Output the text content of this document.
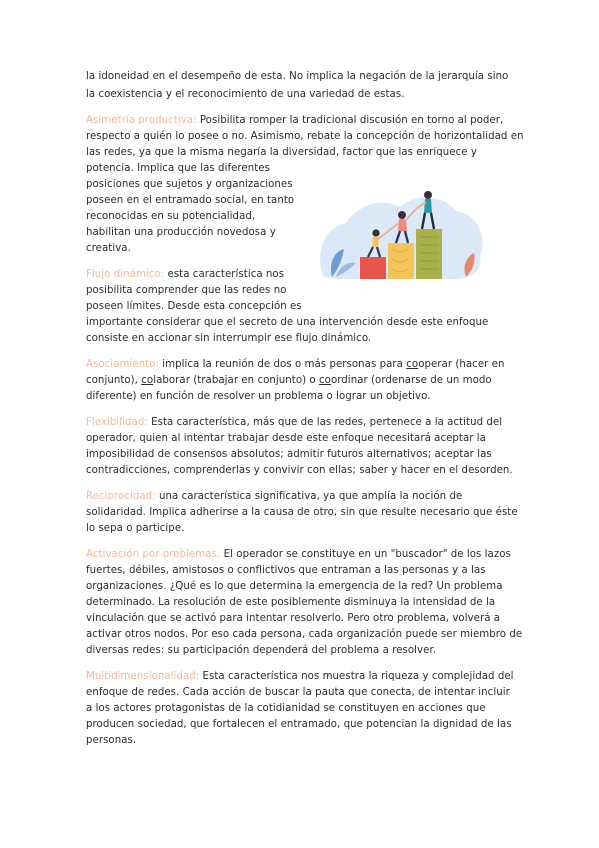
la idoneidad en el desempeño de esta. No implica la negación de la jerarquía sino

la coexistencia y el reconocimiento de una variedad de estas.

Asimetría productiva: Posibilita romper la tradicional discusión en torno al poder,

respecto a quién lo posee o no. Asimismo, rebate la concepción de horizontalidad en

las redes, ya que la misma negaría la diversidad, factor que las enriquece y

potencia. Implica que las diferentes

posiciones que sujetos y organizaciones

poseen en el entramado social, en tanto

reconocidas en su potencialidad,

habilitan una producción novedosa y

creativa.

Flujo dinámico: esta característica nos

posibilita comprender que las redes no

poseen límites. Desde esta concepción es

importante considerar que el secreto de una intervención desde este enfoque

consiste en accionar sin interrumpir ese flujo dinámico.

Asociamiento: implica la reunión de dos o más personas para cooperar (hacer en

conjunto), colaborar (trabajar en conjunto) o coordinar (ordenarse de un modo

diferente) en función de resolver un problema o lograr un objetivo.

Flexibilidad: Esta característica, más que de las redes, pertenece a la actitud del

operador, quien al intentar trabajar desde este enfoque necesitará aceptar la

imposibilidad de consensos absolutos; admitir futuros alternativos; aceptar las

contradicciones, comprenderlas y convivir con ellas; saber y hacer en el desorden.

Reciprocidad: una característica significativa, ya que amplía la noción de

solidaridad. Implica adherirse a la causa de otro, sin que resulte necesario que éste

lo sepa o participe.

Activación por problemas: El operador se constituye en un "buscador" de los lazos

fuertes, débiles, amistosos o conflictivos que entraman a las personas y a las

organizaciones. ¿Qué es lo que determina la emergencia de la red? Un problema

determinado. La resolución de este posiblemente disminuya la intensidad de la

vinculación que se activó para intentar resolverlo. Pero otro problema, volverá a

activar otros nodos. Por eso cada persona, cada organización puede ser miembro de

diversas redes: su participación dependerá del problema a resolver.

Multidimensionalidad: Esta característica nos muestra la riqueza y complejidad del

enfoque de redes. Cada acción de buscar la pauta que conecta, de intentar incluir

a los actores protagonistas de la cotidianidad se constituyen en acciones que

producen sociedad, que fortalecen el entramado, que potencian la dignidad de las

personas.
